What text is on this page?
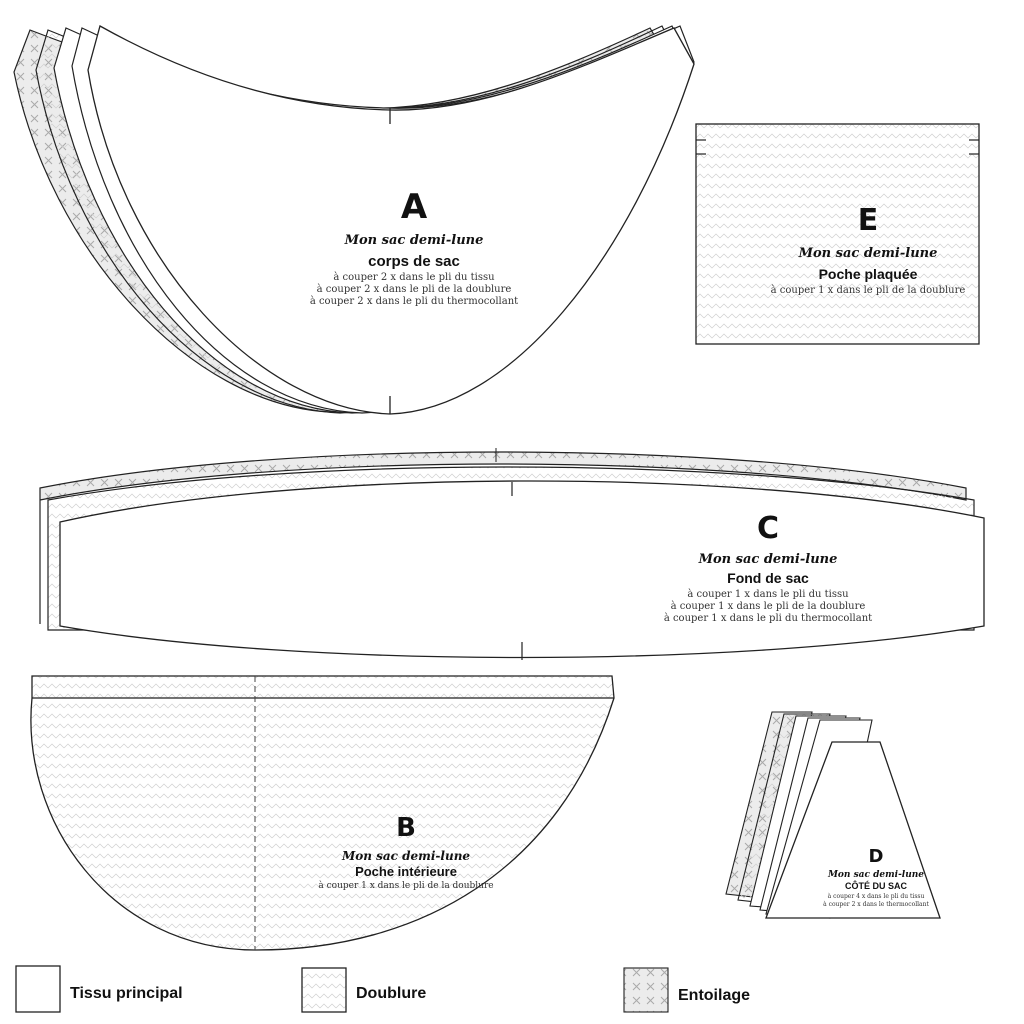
A
Mon sac demi-lune
corps de sac
à couper 2 x dans le pli du tissu
à couper 2 x dans le pli de la doublure
à couper 2 x dans le pli du thermocollant
E
Mon sac demi-lune
Poche plaquée
à couper 1 x dans le pli de la doublure
C
Mon sac demi-lune
Fond de sac
à couper 1 x dans le pli du tissu
à couper 1 x dans le pli de la doublure
à couper 1 x dans le pli du thermocollant
B
Mon sac demi-lune
Poche intérieure
à couper 1 x dans le pli de la doublure
D
Mon sac demi-lune
CÔTÉ DU SAC
à couper 4 x dans le pli du tissu
à couper 2 x dans le thermocollant
Tissu principal	Doublure	Entoilage
